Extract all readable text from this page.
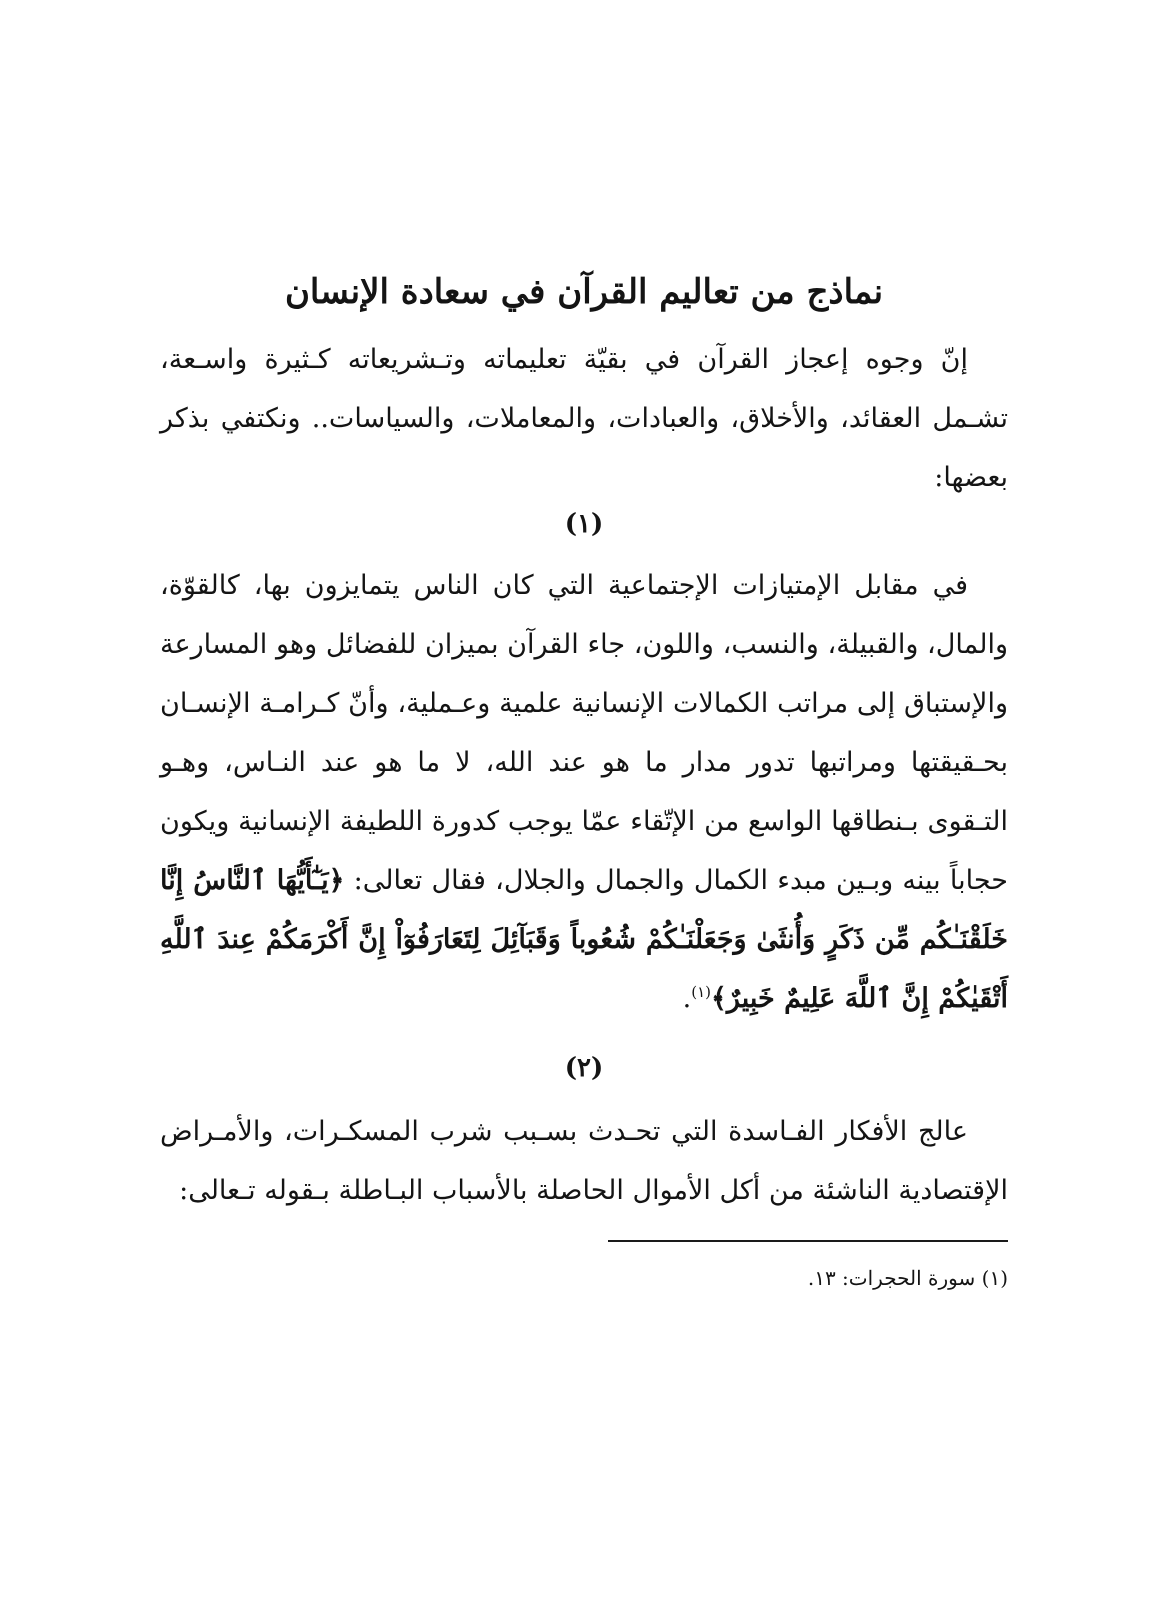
نماذج من تعاليم القرآن في سعادة الإنسان

إنّ وجوه إعجاز القرآن في بقيّة تعليماته وتـشريعاته كـثيرة واسـعة، تشـمل العقائد، والأخلاق، والعبادات، والمعاملات، والسياسات.. ونكتفي بذكر بعضها:

(١)

في مقابل الإمتيازات الإجتماعية التي كان الناس يتمايزون بها، كالقوّة، والمال، والقبيلة، والنسب، واللون، جاء القرآن بميزان للفضائل وهو المسارعة والإستباق إلى مراتب الكمالات الإنسانية علمية وعـملية، وأنّ كـرامـة الإنسـان بحـقيقتها ومراتبها تدور مدار ما هو عند الله، لا ما هو عند النـاس، وهـو التـقوى بـنطاقها الواسع من الإتّقاء عمّا يوجب كدورة اللطيفة الإنسانية ويكون حجاباً بينه وبـين مبدء الكمال والجمال والجلال، فقال تعالى: ﴿يَـٰٓأَيُّهَا ٱلنَّاسُ إِنَّا خَلَقْنَـٰكُم مِّن ذَكَرٍ وَأُنثَىٰ وَجَعَلْنَـٰكُمْ شُعُوباً وَقَبَآئِلَ لِتَعَارَفُوٓاْ إِنَّ أَكْرَمَكُمْ عِندَ ٱللَّهِ أَتْقَيٰكُمْ إِنَّ ٱللَّهَ عَلِيمٌ خَبِيرٌ﴾$^{(١)}$.

(٢)

عالج الأفكار الفـاسدة التي تحـدث بسـبب شرب المسكـرات، والأمـراض الإقتصادية الناشئة من أكل الأموال الحاصلة بالأسباب البـاطلة بـقوله تـعالى:

(١) سورة الحجرات: ١٣.
